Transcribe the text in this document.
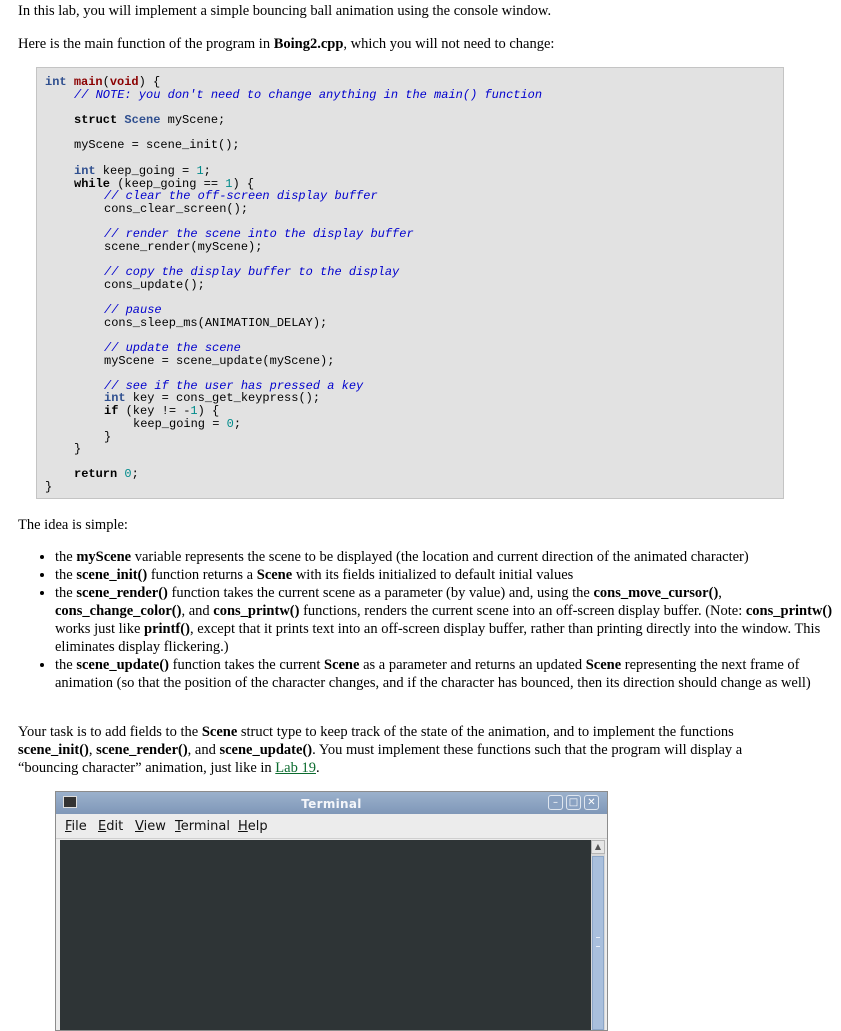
In this lab, you will implement a simple bouncing ball animation using the console window.

Here is the main function of the program in Boing2.cpp, which you will not need to change:

int main(void) {
// NOTE: you don't need to change anything in the main() function
struct Scene myScene;
myScene = scene_init();
int keep_going = 1;
while (keep_going == 1) {
// clear the off-screen display buffer
cons_clear_screen();
// render the scene into the display buffer
scene_render(myScene);
// copy the display buffer to the display
cons_update();
// pause
cons_sleep_ms(ANIMATION_DELAY);
// update the scene
myScene = scene_update(myScene);
// see if the user has pressed a key
int key = cons_get_keypress();
if (key != -1) {
keep_going = 0;
}
}
return 0;
}

The idea is simple:

• the myScene variable represents the scene to be displayed (the location and current direction of the animated character)
• the scene_init() function returns a Scene with its fields initialized to default initial values
• the scene_render() function takes the current scene as a parameter (by value) and, using the cons_move_cursor(), cons_change_color(), and cons_printw() functions, renders the current scene into an off-screen display buffer. (Note: cons_printw() works just like printf(), except that it prints text into an off-screen display buffer, rather than printing directly into the window. This eliminates display flickering.)
• the scene_update() function takes the current Scene as a parameter and returns an updated Scene representing the next frame of animation (so that the position of the character changes, and if the character has bounced, then its direction should change as well)

Your task is to add fields to the Scene struct type to keep track of the state of the animation, and to implement the functions scene_init(), scene_render(), and scene_update(). You must implement these functions such that the program will display a “bouncing character” animation, just like in Lab 19.

Terminal	–	□ ✕
File Edit View Terminal Help
▲
